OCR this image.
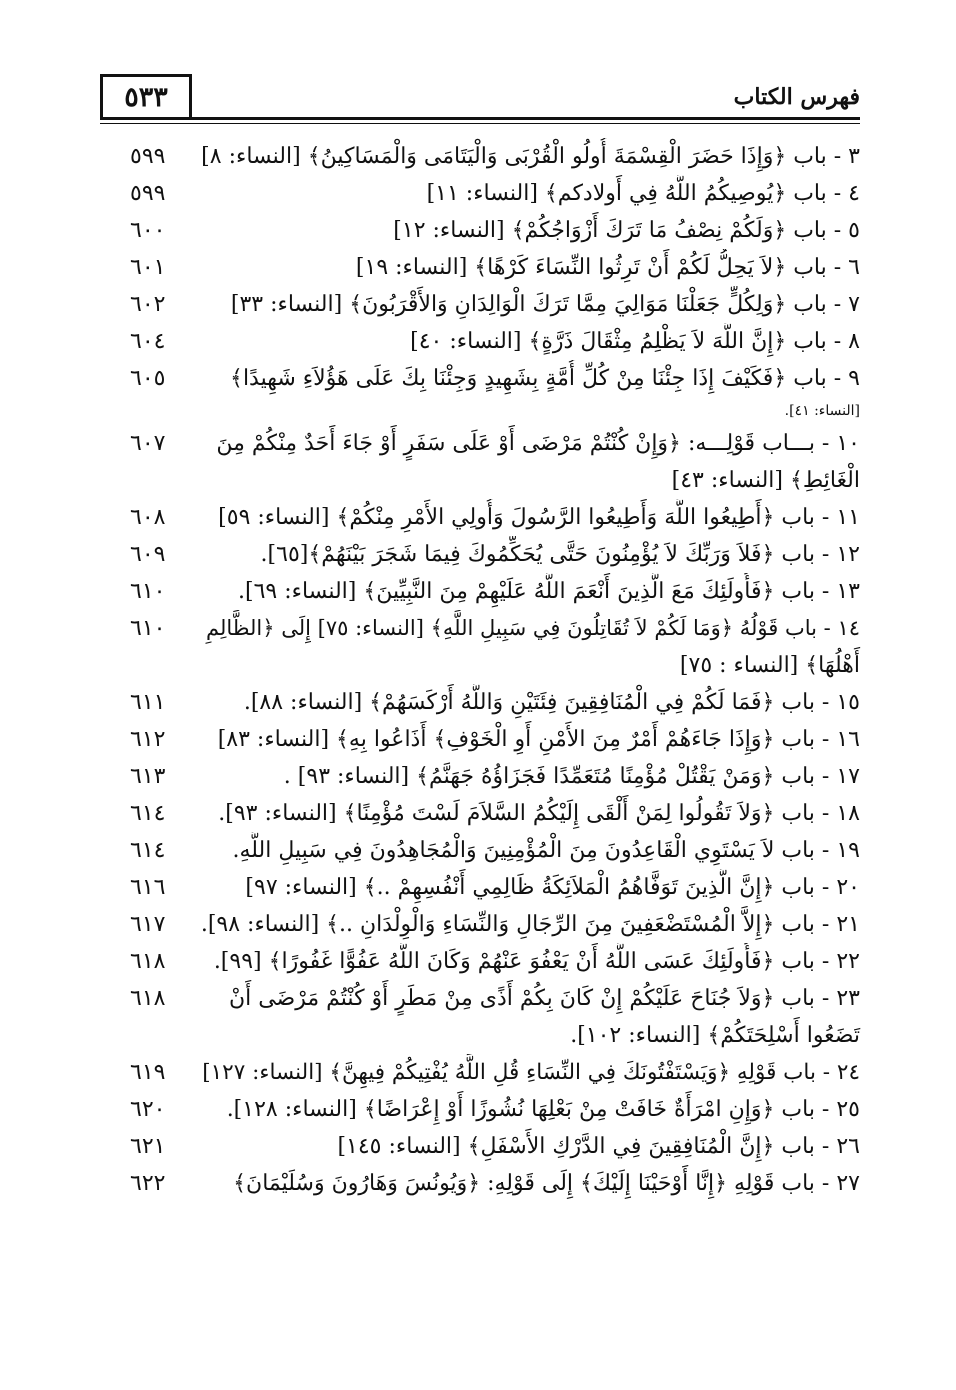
٥٣٣	فهرس الكتاب
٣ - باب ﴿وَإِذَا حَضَرَ الْقِسْمَةَ أُولُو الْقُرْبَى وَالْيَتَامَى وَالْمَسَاكِينُ﴾ [النساء: ٨]
٥٩٩
٤ - باب ﴿يُوصِيكُمُ اللَّهُ فِي أَولادكم﴾ [النساء: ١١]
٥٩٩
٥ - باب ﴿وَلَكُمْ نِصْفُ مَا تَرَكَ أَزْوَاجُكُمْ﴾ [النساء: ١٢]
٦٠٠
٦ - باب ﴿لاَ يَحِلُّ لَكُمْ أَنْ تَرِثُوا النِّسَاءَ كَرْهًا﴾ [النساء: ١٩]
٦٠١
٧ - باب ﴿وَلِكُلٍّ جَعَلْنَا مَوَالِيَ مِمَّا تَرَكَ الْوَالِدَانِ وَالأَقْرَبُونَ﴾ [النساء: ٣٣]
٦٠٢
٨ - باب ﴿إِنَّ اللَّهَ لاَ يَظْلِمُ مِثْقَالَ ذَرَّةٍ﴾ [النساء: ٤٠]
٦٠٤
٩ - باب ﴿فَكَيْفَ إِذَا جِئْنَا مِنْ كُلِّ أُمَّةٍ بِشَهِيدٍ وَجِئْنَا بِكَ عَلَى هَؤُلاَءِ شَهِيدًا﴾
[النساء: ٤١].
٦٠٥
١٠ - بـــاب قَوْلِـــه: ﴿وَإِنْ كُنْتُمْ مَرْضَى أَوْ عَلَى سَفَرٍ أَوْ جَاءَ أَحَدٌ مِنْكُمْ مِنَ
الْغَائِطِ﴾ [النساء: ٤٣]
٦٠٧
١١ - باب ﴿أَطِيعُوا اللَّهَ وَأَطِيعُوا الرَّسُولَ وَأُولِي الأَمْرِ مِنْكُمْ﴾ [النساء: ٥٩]
٦٠٨
١٢ - باب ﴿فَلاَ وَرَبِّكَ لاَ يُؤْمِنُونَ حَتَّى يُحَكِّمُوكَ فِيمَا شَجَرَ بَيْنَهُمْ﴾[٦٥].
٦٠٩
١٣ - باب ﴿فَأُولَئِكَ مَعَ الَّذِينَ أَنْعَمَ اللَّهُ عَلَيْهِمْ مِنَ النَّبِيِّينَ﴾ [النساء: ٦٩].
٦١٠
١٤ - باب قَوْلُهُ ﴿وَمَا لَكُمْ لاَ تُقَاتِلُونَ فِي سَبِيلِ اللَّهِ﴾ [النساء: ٧٥] إِلَى ﴿الظَّالِمِ
أَهْلُهَا﴾ [النساء : ٧٥]
٦١٠
١٥ - باب ﴿فَمَا لَكُمْ فِي الْمُنَافِقِينَ فِئَتَيْنِ وَاللَّهُ أَرْكَسَهُمْ﴾ [النساء: ٨٨].
٦١١
١٦ - باب ﴿وَإِذَا جَاءَهُمْ أَمْرٌ مِنَ الأَمْنِ أَوِ الْخَوْفِ﴾ أَذَاعُوا بِهِ﴾ [النساء: ٨٣]
٦١٢
١٧ - باب ﴿وَمَنْ يَقْتُلْ مُؤْمِنًا مُتَعَمِّدًا فَجَزَاؤُهُ جَهَنَّمُ﴾ [النساء: ٩٣] .
٦١٣
١٨ - باب ﴿وَلاَ تَقُولُوا لِمَنْ أَلْقَى إِلَيْكُمُ السَّلاَمَ لَسْتَ مُؤْمِنًا﴾ [النساء: ٩٣].
٦١٤
١٩ - باب لاَ يَسْتَوِي الْقَاعِدُونَ مِنَ الْمُؤْمِنِينَ وَالْمُجَاهِدُونَ فِي سَبِيلِ اللَّهِ.
٦١٤
٢٠ - باب ﴿إِنَّ الَّذِينَ تَوَفَّاهُمُ الْمَلاَئِكَةُ ظَالِمِي أَنْفُسِهِمْ ..﴾ [النساء: ٩٧]
٦١٦
٢١ - باب ﴿إِلاَّ الْمُسْتَضْعَفِينَ مِنَ الرِّجَالِ وَالنِّسَاءِ وَالْوِلْدَانِ ..﴾ [النساء: ٩٨].
٦١٧
٢٢ - باب ﴿فَأُولَئِكَ عَسَى اللَّهُ أَنْ يَعْفُوَ عَنْهُمْ وَكَانَ اللَّهُ عَفُوًّا غَفُورًا﴾ [٩٩].
٦١٨
٢٣ - باب ﴿وَلاَ جُنَاحَ عَلَيْكُمْ إِنْ كَانَ بِكُمْ أَذًى مِنْ مَطَرٍ أَوْ كُنْتُمْ مَرْضَى أَنْ
تَضَعُوا أَسْلِحَتَكُمْ﴾ [النساء: ١٠٢].
٦١٨
٢٤ - باب قَوْلِهِ ﴿وَيَسْتَفْتُونَكَ فِي النِّسَاءِ قُلِ اللَّهُ يُفْتِيكُمْ فِيهِنَّ﴾ [النساء: ١٢٧]
٦١٩
٢٥ - باب ﴿وَإِنِ امْرَأَةٌ خَافَتْ مِنْ بَعْلِهَا نُشُوزًا أَوْ إِعْرَاضًا﴾ [النساء: ١٢٨].
٦٢٠
٢٦ - باب ﴿إِنَّ الْمُنَافِقِينَ فِي الدَّرْكِ الأَسْفَلِ﴾ [النساء: ١٤٥]
٦٢١
٢٧ - باب قَوْلِهِ ﴿إِنَّا أَوْحَيْنَا إِلَيْكَ﴾ إِلَى قَوْلِهِ: ﴿وَيُونُسَ وَهَارُونَ وَسُلَيْمَانَ﴾
٦٢٢
